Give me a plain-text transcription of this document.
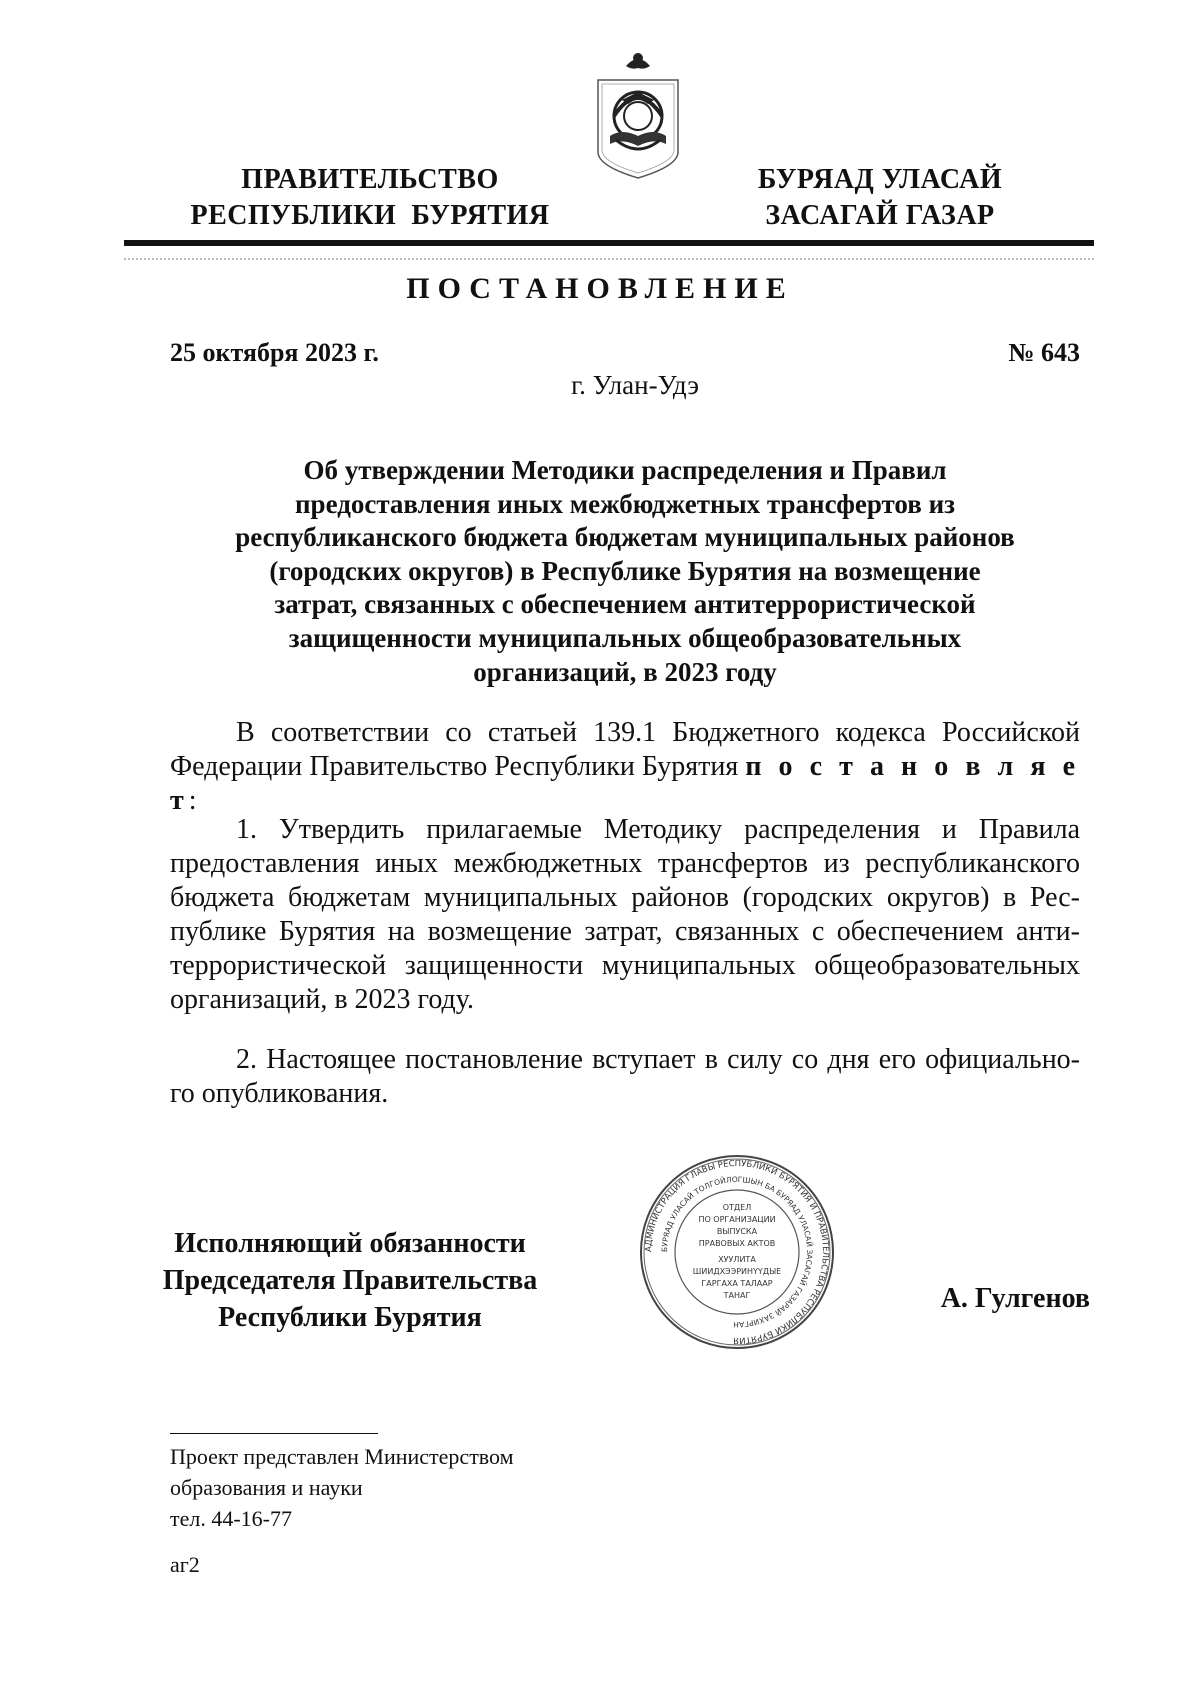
ПРАВИТЕЛЬСТВО
РЕСПУБЛИКИ  БУРЯТИЯ
БУРЯАД УЛАСАЙ
ЗАСАГАЙ ГАЗАР
ПОСТАНОВЛЕНИЕ
25 октября 2023 г.	№ 643
г. Улан-Удэ
Об утверждении Методики распределения и Правил
предоставления иных межбюджетных трансфертов из
республиканского бюджета бюджетам муниципальных районов
(городских округов) в Республике Бурятия на возмещение
затрат, связанных с обеспечением антитеррористической
защищенности муниципальных общеобразовательных
организаций, в 2023 году
В соответствии со статьей 139.1 Бюджетного кодекса Российской
Федерации Правительство Республики Бурятия п о с т а н о в л я е т:
1. Утвердить прилагаемые Методику распределения и Правила
предоставления иных межбюджетных трансфертов из республиканского
бюджета бюджетам муниципальных районов (городских округов) в Рес-
публике Бурятия на возмещение затрат, связанных с обеспечением анти-
террористической защищенности муниципальных общеобразовательных
организаций, в 2023 году.
2. Настоящее постановление вступает в силу со дня его официально-
го опубликования.
Исполняющий обязанности
Председателя Правительства
Республики Бурятия
АДМИНИСТРАЦИЯ ГЛАВЫ РЕСПУБЛИКИ БУРЯТИЯ И ПРАВИТЕЛЬСТВА РЕСПУБЛИКИ БУРЯТИЯ
БУРЯАД УЛАСАЙ ТОЛГОЙЛОГШЫН БА БУРЯАД УЛАСАЙ ЗАСАГАЙ ГАЗАРАЙ ЗАХИРГАН
ОТДЕЛ
ПО ОРГАНИЗАЦИИ
ВЫПУСКА
ПРАВОВЫХ АКТОВ
ХУУЛИТА
ШИИДХЭЭРИНҮҮДЫЕ
ГАРГАХА ТАЛААР
ТАНАГ	А. Гулгенов
Проект представлен Министерством
образования и науки
тел. 44-16-77
аг2
